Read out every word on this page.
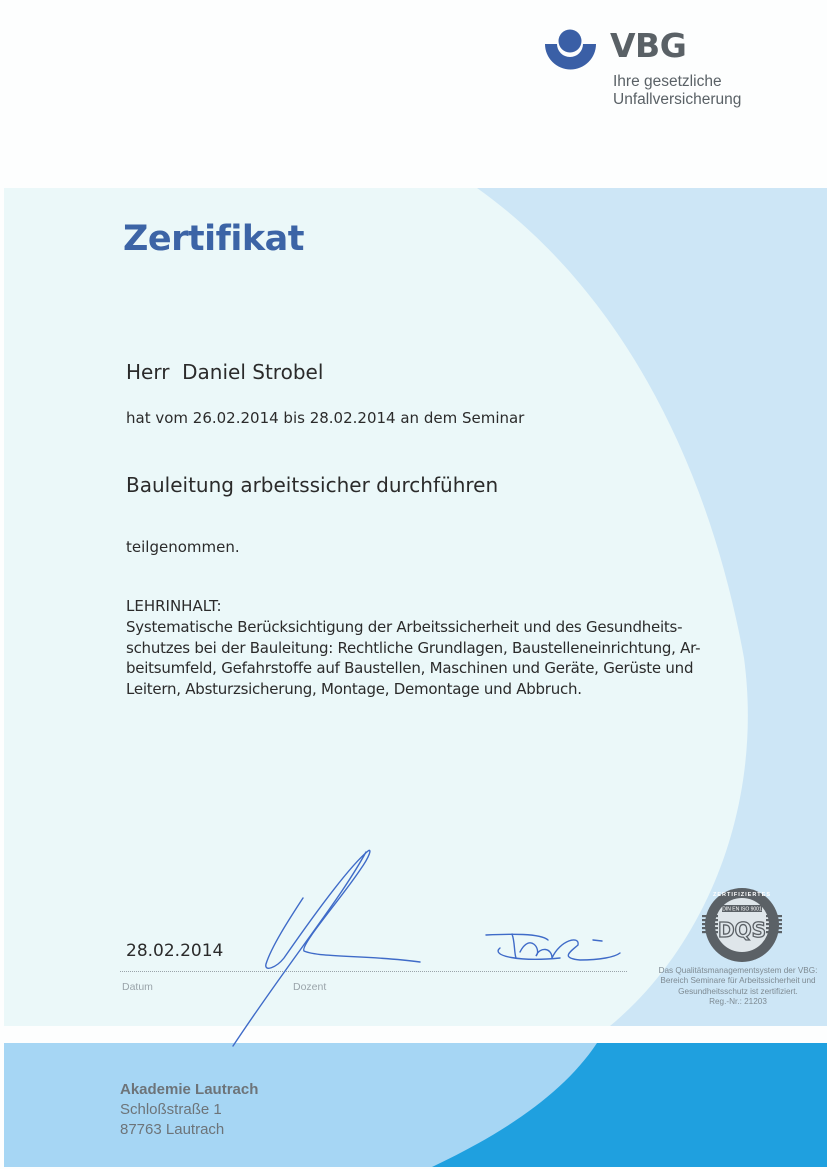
VBG
Ihre gesetzliche
Unfallversicherung
Zertifikat
Herr  Daniel Strobel
hat vom 26.02.2014 bis 28.02.2014 an dem Seminar
Bauleitung arbeitssicher durchführen
teilgenommen.
LEHRINHALT:
Systematische Berücksichtigung der Arbeitssicherheit und des Gesundheits-
schutzes bei der Bauleitung: Rechtliche Grundlagen, Baustelleneinrichtung, Ar-
beitsumfeld, Gefahrstoffe auf Baustellen, Maschinen und Geräte, Gerüste und
Leitern, Absturzsicherung, Montage, Demontage und Abbruch.
28.02.2014
Datum	Dozent
DIN EN ISO 9001
DQS
ZERTIFIZIERTES
Das Qualitätsmanagementsystem der VBG:
Bereich Seminare für Arbeitssicherheit und
Gesundheitsschutz ist zertifiziert.
Reg.-Nr.: 21203
Akademie Lautrach
Schloßstraße 1
87763 Lautrach
